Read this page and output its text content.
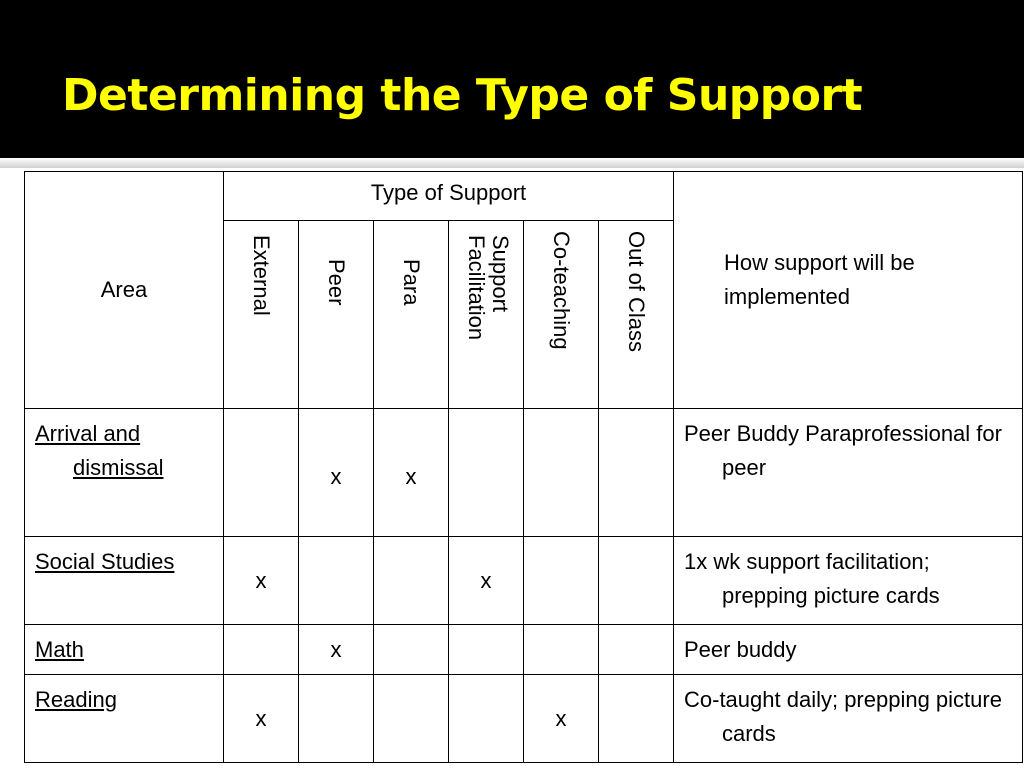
Determining the Type of Support
Area	Type of Support						How support will be implemented

	External	Peer	Para	Support Facilitation	Co-teaching	Out of Class	

Arrival and dismissal		x	x				Peer Buddy Paraprofessional for peer

Social Studies	x			x			1x wk support facilitation; prepping picture cards

Math		x					Peer buddy

Reading	x				x		Co-taught daily; prepping picture cards
